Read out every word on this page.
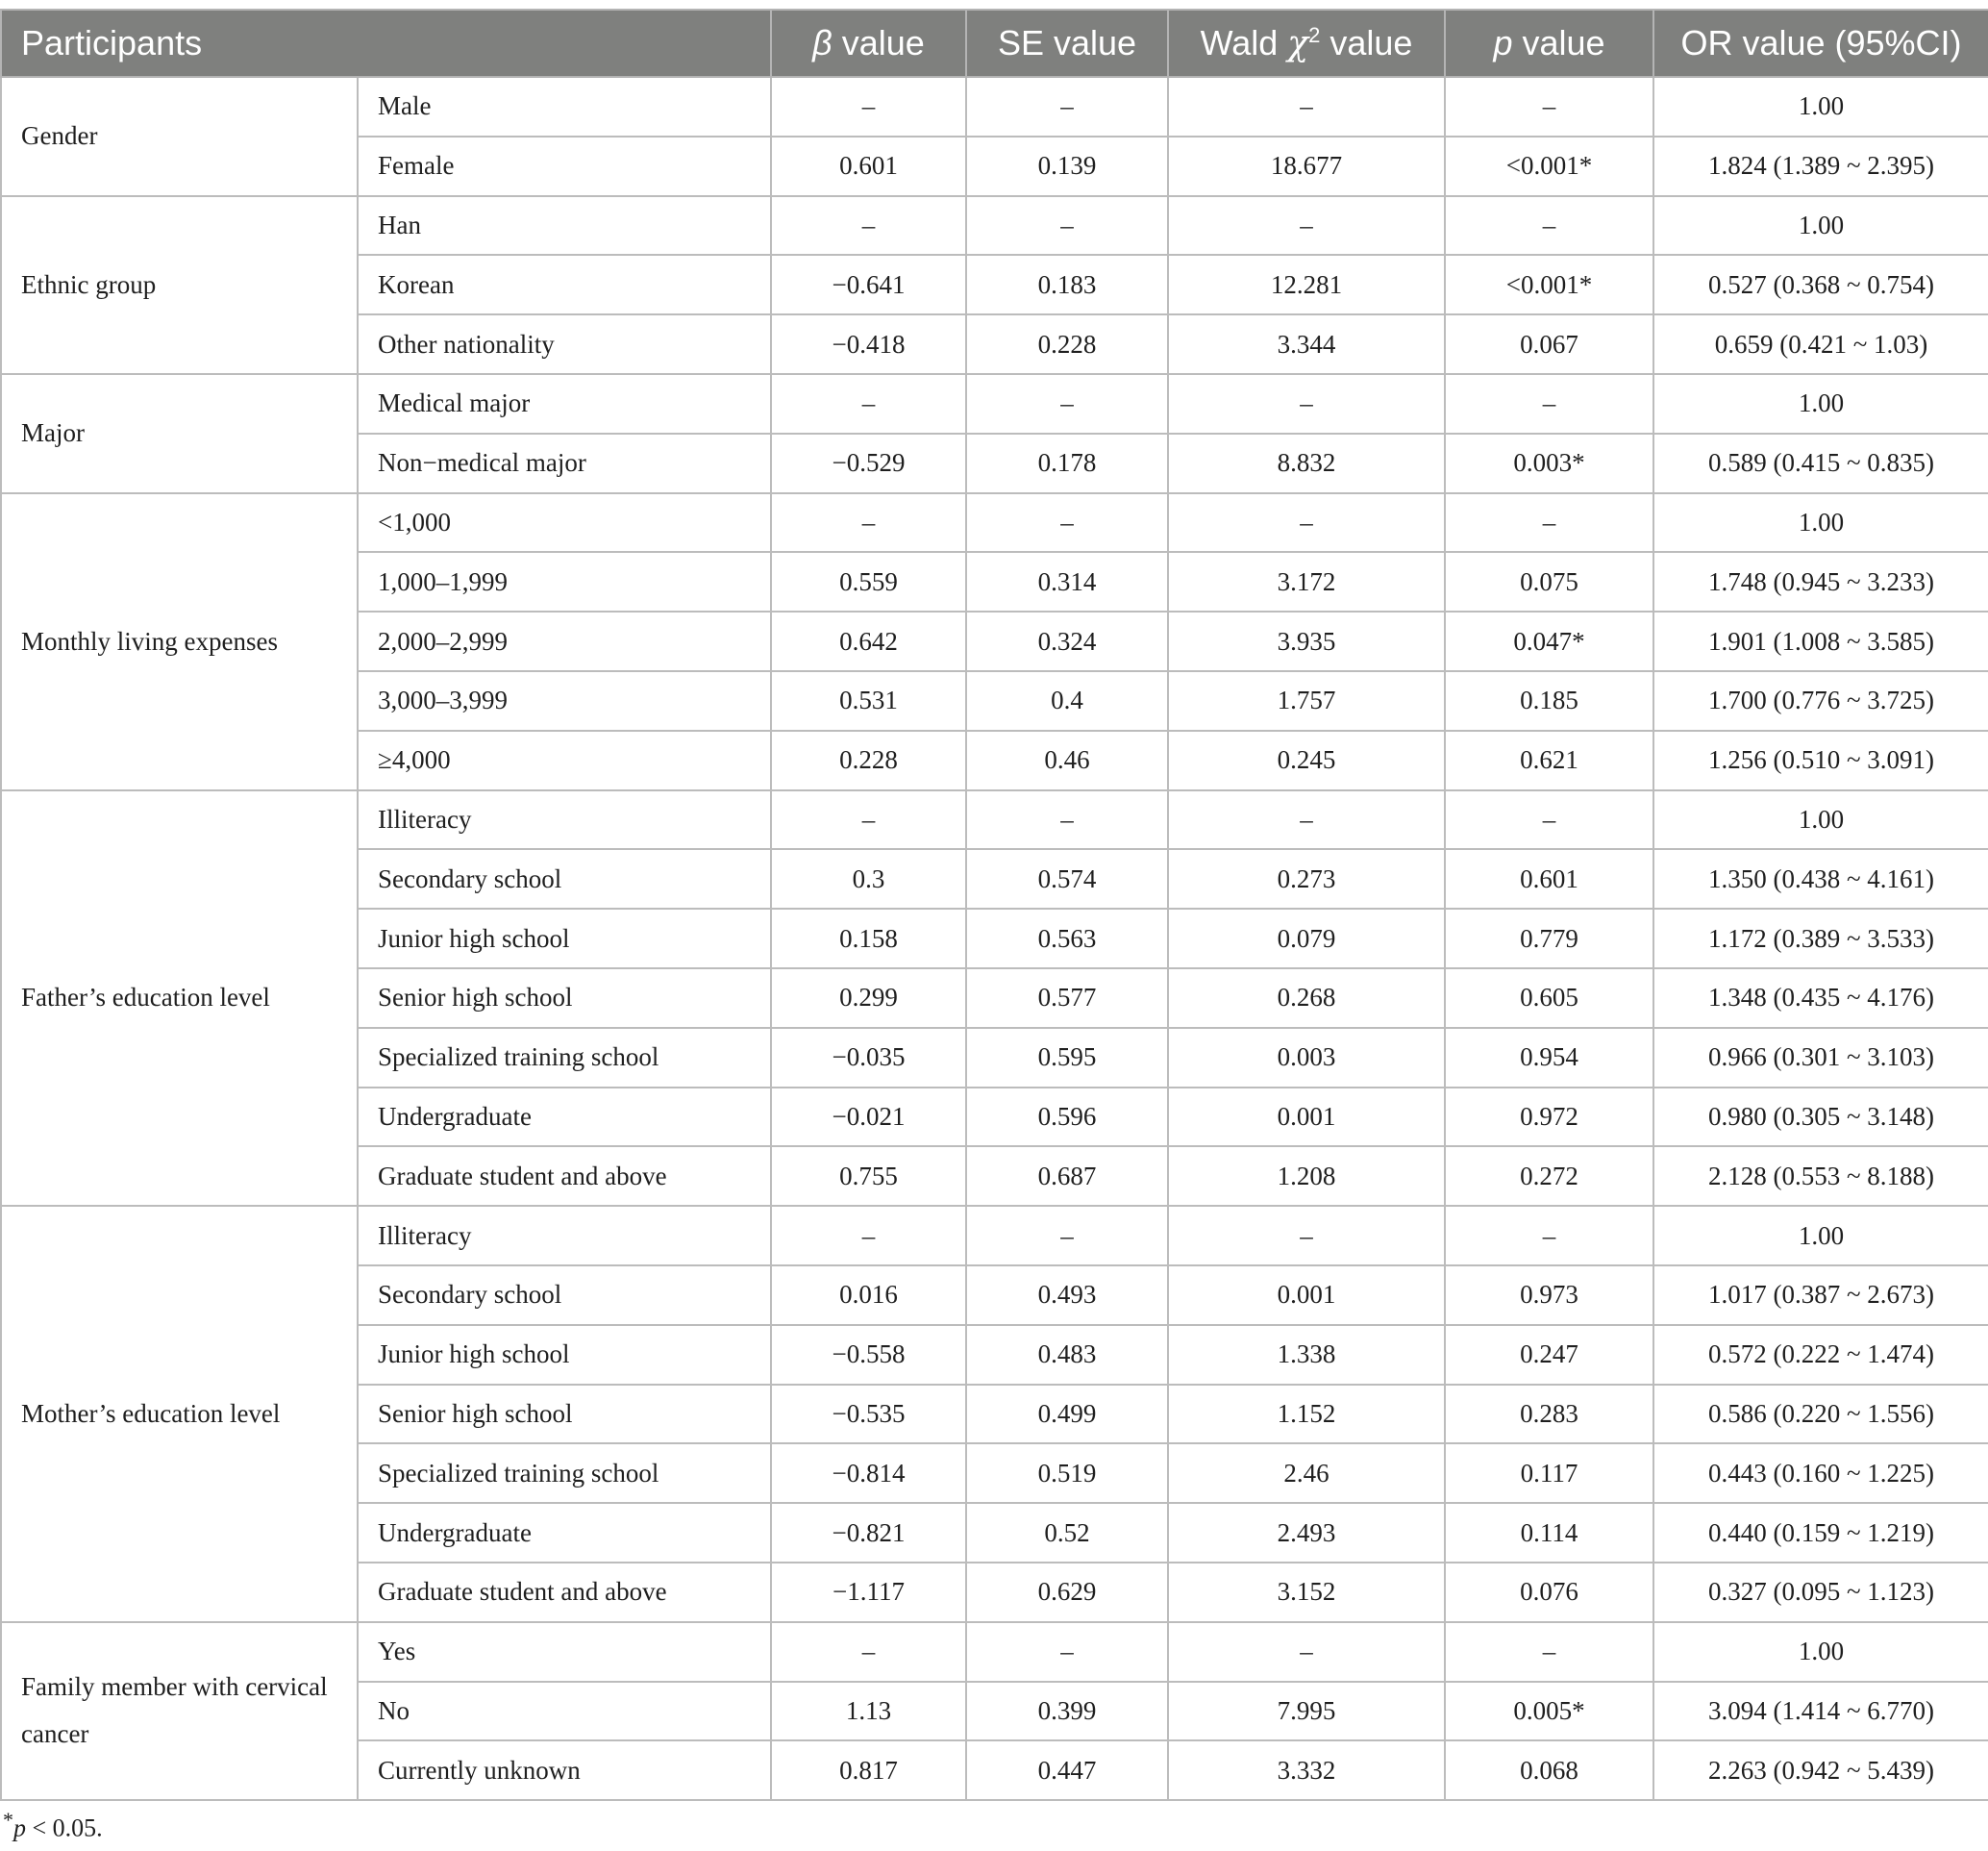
Participants		β value	SE value	Wald $\chi^2$ value	p value	OR value (95%CI)
Gender	Male	–	–	–	–	1.00
	Female	0.601	0.139	18.677	<0.001*	1.824 (1.389 ~ 2.395)
Ethnic group	Han	–	–	–	–	1.00
	Korean	−0.641	0.183	12.281	<0.001*	0.527 (0.368 ~ 0.754)
	Other nationality	−0.418	0.228	3.344	0.067	0.659 (0.421 ~ 1.03)
Major	Medical major	–	–	–	–	1.00
	Non−medical major	−0.529	0.178	8.832	0.003*	0.589 (0.415 ~ 0.835)
Monthly living expenses	<1,000	–	–	–	–	1.00
	1,000–1,999	0.559	0.314	3.172	0.075	1.748 (0.945 ~ 3.233)
	2,000–2,999	0.642	0.324	3.935	0.047*	1.901 (1.008 ~ 3.585)
	3,000–3,999	0.531	0.4	1.757	0.185	1.700 (0.776 ~ 3.725)
	≥4,000	0.228	0.46	0.245	0.621	1.256 (0.510 ~ 3.091)
Father’s education level	Illiteracy	–	–	–	–	1.00
	Secondary school	0.3	0.574	0.273	0.601	1.350 (0.438 ~ 4.161)
	Junior high school	0.158	0.563	0.079	0.779	1.172 (0.389 ~ 3.533)
	Senior high school	0.299	0.577	0.268	0.605	1.348 (0.435 ~ 4.176)
	Specialized training school	−0.035	0.595	0.003	0.954	0.966 (0.301 ~ 3.103)
	Undergraduate	−0.021	0.596	0.001	0.972	0.980 (0.305 ~ 3.148)
	Graduate student and above	0.755	0.687	1.208	0.272	2.128 (0.553 ~ 8.188)
Mother’s education level	Illiteracy	–	–	–	–	1.00
	Secondary school	0.016	0.493	0.001	0.973	1.017 (0.387 ~ 2.673)
	Junior high school	−0.558	0.483	1.338	0.247	0.572 (0.222 ~ 1.474)
	Senior high school	−0.535	0.499	1.152	0.283	0.586 (0.220 ~ 1.556)
	Specialized training school	−0.814	0.519	2.46	0.117	0.443 (0.160 ~ 1.225)
	Undergraduate	−0.821	0.52	2.493	0.114	0.440 (0.159 ~ 1.219)
	Graduate student and above	−1.117	0.629	3.152	0.076	0.327 (0.095 ~ 1.123)
Family member with cervical cancer	Yes	–	–	–	–	1.00
	No	1.13	0.399	7.995	0.005*	3.094 (1.414 ~ 6.770)
	Currently unknown	0.817	0.447	3.332	0.068	2.263 (0.942 ~ 5.439)
*p < 0.05.
